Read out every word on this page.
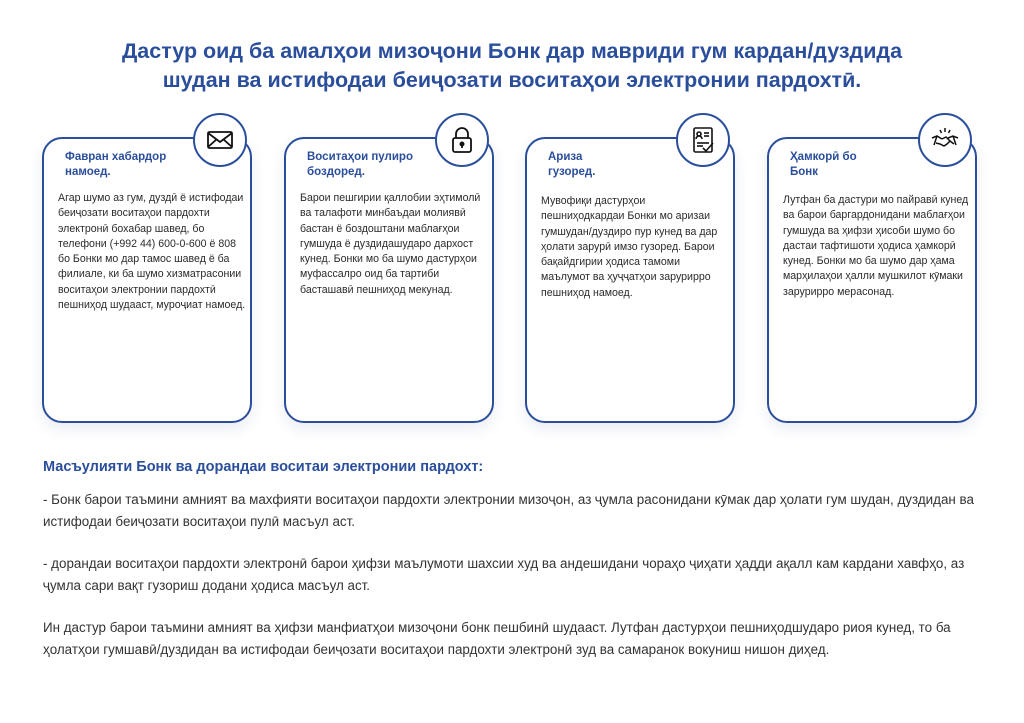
Дастур оид ба амалҳои мизоҷони Бонк дар мавриди гум кардан/дуздида
шудан ва истифодаи беиҷозати воситаҳои электронии пардохтӣ.
Фавран хабардор намоед.
Агар шумо аз гум, дуздӣ ё истифодаи беиҷозати воситаҳои пардохти электронӣ бохабар шавед, бо телефони (+992 44) 600-0-600 ё 808 бо Бонки мо дар тамос шавед ё ба филиале, ки ба шумо хизматрасонии воситаҳои электронии пардохтӣ пешниҳод шудааст, муроҷиат намоед.
Воситаҳои пулиро боздоред.
Барои пешгирии қаллобии эҳтимолӣ ва талафоти минбаъдаи молиявӣ бастан ё боздоштани маблағҳои гумшуда ё дуздидашударо дархост кунед. Бонки мо ба шумо дастурҳои муфассалро оид ба тартиби басташавӣ пешниҳод мекунад.
Ариза гузоред.
Мувофиқи дастурҳои пешниҳодкардаи Бонки мо аризаи гумшудан/дуздиро пур кунед ва дар ҳолати зарурӣ имзо гузоред. Барои бақайдгирии ҳодиса тамоми маълумот ва ҳуҷҷатҳои зарурирро пешниҳод намоед.
Ҳамкорӣ бо Бонк
Лутфан ба дастури мо пайравӣ кунед ва барои баргардонидани маблағҳои гумшуда ва ҳифзи ҳисоби шумо бо дастаи тафтишоти ҳодиса ҳамкорӣ кунед. Бонки мо ба шумо дар ҳама марҳилаҳои ҳалли мушкилот кӯмаки зарурирро мерасонад.
Масъулияти Бонк ва дорандаи воситаи электронии пардохт:
- Бонк барои таъмини амният ва махфияти воситаҳои пардохти электронии мизоҷон, аз ҷумла расонидани кӯмак дар ҳолати гум шудан, дуздидан ва истифодаи беиҷозати воситаҳои пулӣ масъул аст.
- дорандаи воситаҳои пардохти электронӣ барои ҳифзи маълумоти шахсии худ ва андешидани чораҳо ҷиҳати ҳадди ақалл кам кардани хавфҳо, аз ҷумла сари вақт гузориш додани ҳодиса масъул аст.
Ин дастур барои таъмини амният ва ҳифзи манфиатҳои мизоҷони бонк пешбинӣ шудааст. Лутфан дастурҳои пешниҳодшударо риоя кунед, то ба ҳолатҳои гумшавӣ/дуздидан ва истифодаи беиҷозати воситаҳои пардохти электронӣ зуд ва самаранок вокуниш нишон диҳед.
